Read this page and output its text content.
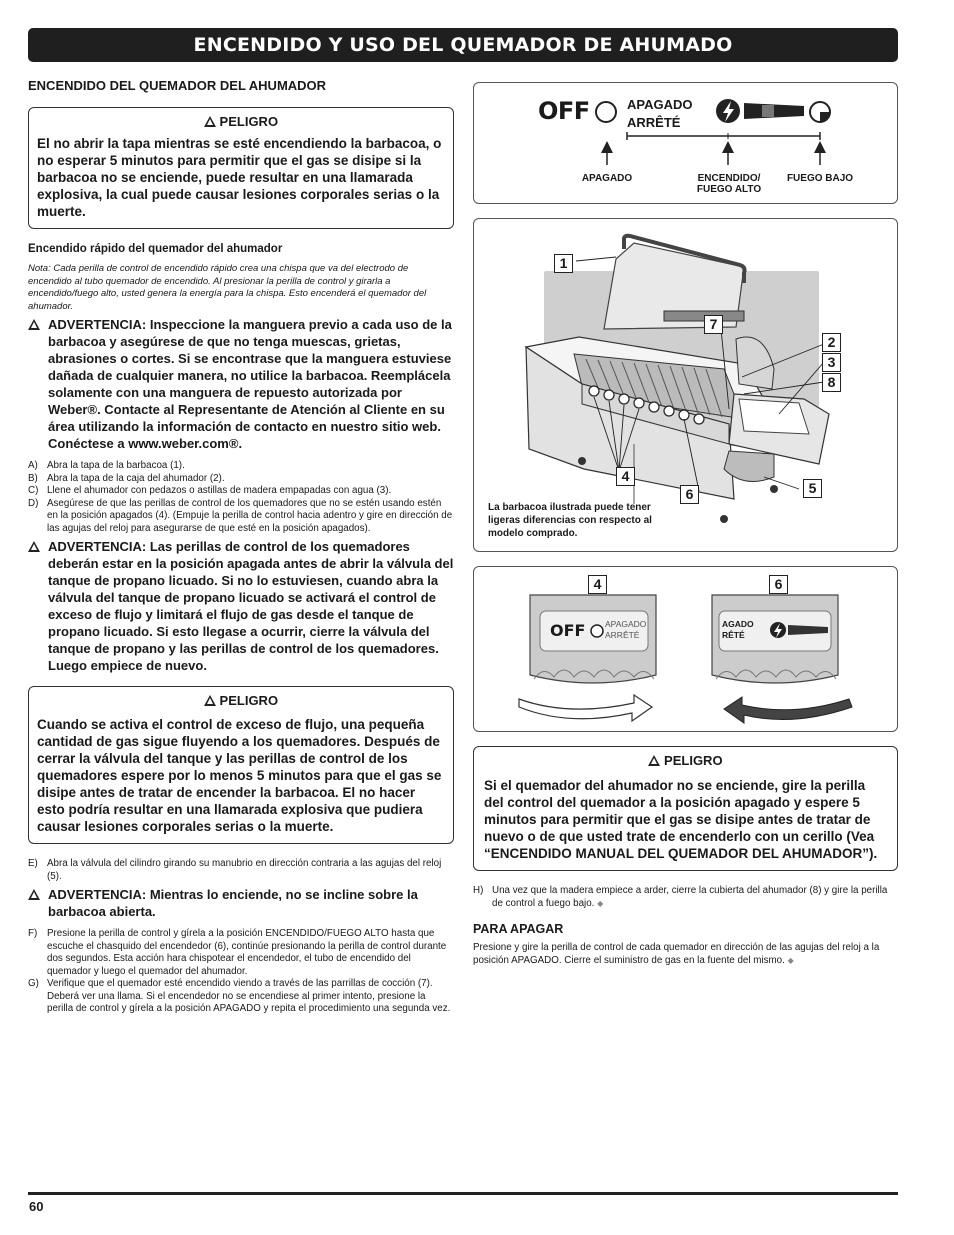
ENCENDIDO Y USO DEL QUEMADOR DE AHUMADO
ENCENDIDO DEL QUEMADOR DEL AHUMADOR
PELIGRO
El no abrir la tapa mientras se esté encendiendo la barbacoa, o no esperar 5 minutos para permitir que el gas se disipe si la barbacoa no se enciende, puede resultar en una llamarada explosiva, la cual puede causar lesiones corporales serias o la muerte.

Encendido rápido del quemador del ahumador

Nota: Cada perilla de control de encendido rápido crea una chispa que va del electrodo de encendido al tubo quemador de encendido. Al presionar la perilla de control y girarla a encendido/fuego alto, usted genera la energía para la chispa. Esto encenderá el quemador del ahumador.

ADVERTENCIA: Inspeccione la manguera previo a cada uso de la barbacoa y asegúrese de que no tenga muescas, grietas, abrasiones o cortes. Si se encontrase que la manguera estuviese dañada de cualquier manera, no utilice la barbacoa. Reemplácela solamente con una manguera de repuesto autorizada por Weber®. Contacte al Representante de Atención al Cliente en su área utilizando la información de contacto en nuestro sitio web. Conéctese a www.weber.com®.
A) Abra la tapa de la barbacoa (1).
B) Abra la tapa de la caja del ahumador (2).
C) Llene el ahumador con pedazos o astillas de madera empapadas con agua (3).
D) Asegúrese de que las perillas de control de los quemadores que no se estén usando estén en la posición apagados (4). (Empuje la perilla de control hacia adentro y gire en dirección de las agujas del reloj para asegurarse de que esté en la posición apagados).
ADVERTENCIA: Las perillas de control de los quemadores deberán estar en la posición apagada antes de abrir la válvula del tanque de propano licuado. Si no lo estuviesen, cuando abra la válvula del tanque de propano licuado se activará el control de exceso de flujo y limitará el flujo de gas desde el tanque de propano licuado. Si esto llegase a ocurrir, cierre la válvula del tanque de propano y las perillas de control de los quemadores. Luego empiece de nuevo.
PELIGRO
Cuando se activa el control de exceso de flujo, una pequeña cantidad de gas sigue fluyendo a los quemadores. Después de cerrar la válvula del tanque y las perillas de control de los quemadores espere por lo menos 5 minutos para que el gas se disipe antes de tratar de encender la barbacoa. El no hacer esto podría resultar en una llamarada explosiva que pudiera causar lesiones corporales serias o la muerte.
E) Abra la válvula del cilindro girando su manubrio en dirección contraria a las agujas del reloj (5).
ADVERTENCIA: Mientras lo enciende, no se incline sobre la barbacoa abierta.
F) Presione la perilla de control y gírela a la posición ENCENDIDO/FUEGO ALTO hasta que escuche el chasquido del encendedor (6), continúe presionando la perilla de control durante dos segundos. Esta acción hara chispotear el encendedor, el tubo de encendido del quemador y luego el quemador del ahumador.
G) Verifique que el quemador esté encendido viendo a través de las parrillas de cocción (7). Deberá ver una llama. Si el encendedor no se encendiese al primer intento, presione la perilla de control y gírela a la posición APAGADO y repita el procedimiento una segunda vez.
OFF	APAGADO
ARRÊTÉ
APAGADO	ENCENDIDO/
FUEGO ALTO
FUEGO BAJO
1
7
2
3
8
4
6	5
La barbacoa ilustrada puede tener ligeras diferencias con respecto al modelo comprado.
4	6
OFF APAGADO
ARRÊTÉ
AGADO
RÊTÉ
PELIGRO
Si el quemador del ahumador no se enciende, gire la perilla del control del quemador a la posición apagado y espere 5 minutos para permitir que el gas se disipe antes de tratar de nuevo o de que usted trate de encenderlo con un cerillo (Vea “ENCENDIDO MANUAL DEL QUEMADOR DEL AHUMADOR”).
H) Una vez que la madera empiece a arder, cierre la cubierta del ahumador (8) y gire la perilla de control a fuego bajo. ◆
PARA APAGAR
Presione y gire la perilla de control de cada quemador en dirección de las agujas del reloj a la posición APAGADO. Cierre el suministro de gas en la fuente del mismo. ◆
60
